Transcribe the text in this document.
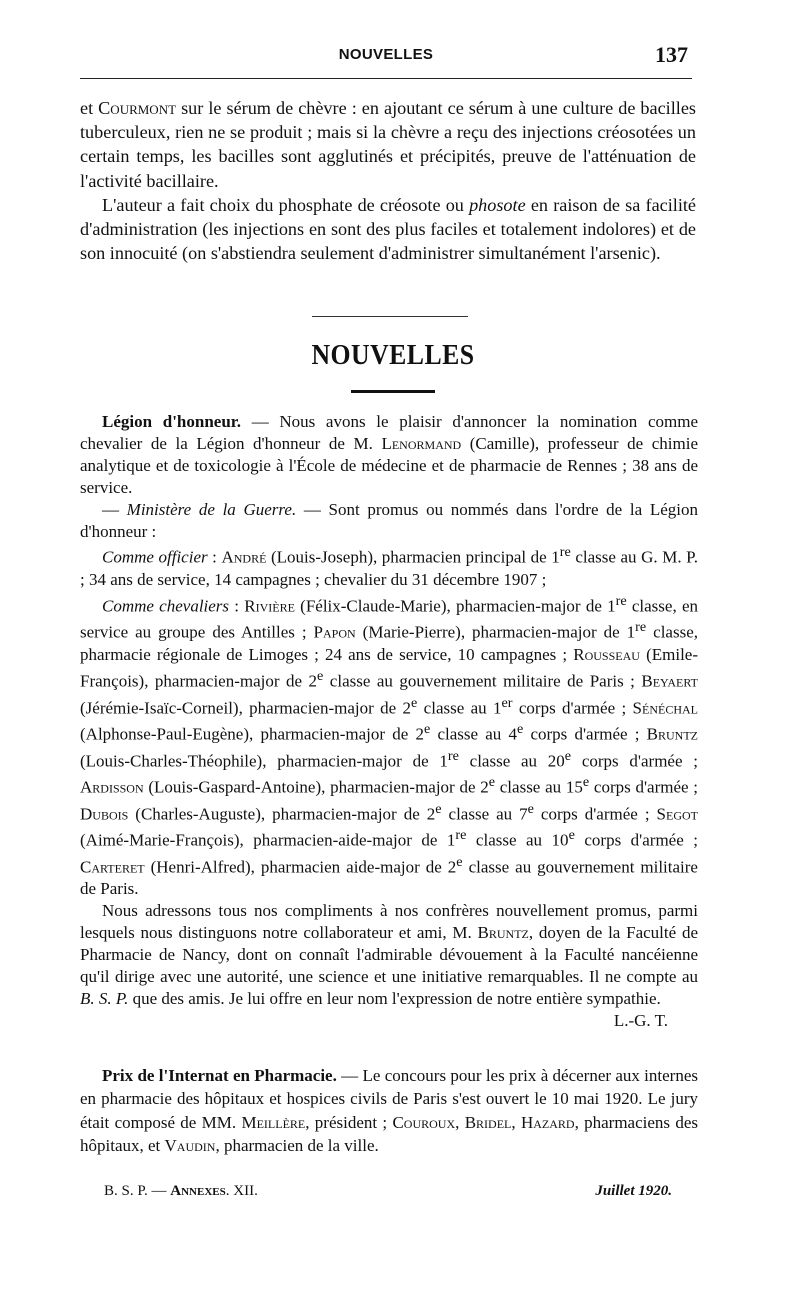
NOUVELLES	137

et Courmont sur le sérum de chèvre : en ajoutant ce sérum à une culture de bacilles tuberculeux, rien ne se produit ; mais si la chèvre a reçu des injections créosotées un certain temps, les bacilles sont agglutinés et précipités, preuve de l'atténuation de l'activité bacillaire.

L'auteur a fait choix du phosphate de créosote ou phosote en raison de sa facilité d'administration (les injections en sont des plus faciles et totalement indolores) et de son innocuité (on s'abstiendra seulement d'administrer simultanément l'arsenic).

NOUVELLES

Légion d'honneur. — Nous avons le plaisir d'annoncer la nomination comme chevalier de la Légion d'honneur de M. Lenormand (Camille), professeur de chimie analytique et de toxicologie à l'École de médecine et de pharmacie de Rennes ; 38 ans de service.

— Ministère de la Guerre. — Sont promus ou nommés dans l'ordre de la Légion d'honneur :

Comme officier : André (Louis-Joseph), pharmacien principal de 1re classe au G. M. P. ; 34 ans de service, 14 campagnes ; chevalier du 31 décembre 1907 ;

Comme chevaliers : Rivière (Félix-Claude-Marie), pharmacien-major de 1re classe, en service au groupe des Antilles ; Papon (Marie-Pierre), pharmacien-major de 1re classe, pharmacie régionale de Limoges ; 24 ans de service, 10 campagnes ; Rousseau (Emile-François), pharmacien-major de 2e classe au gouvernement militaire de Paris ; Beyaert (Jérémie-Isaïc-Corneil), pharmacien-major de 2e classe au 1er corps d'armée ; Sénéchal (Alphonse-Paul-Eugène), pharmacien-major de 2e classe au 4e corps d'armée ; Bruntz (Louis-Charles-Théophile), pharmacien-major de 1re classe au 20e corps d'armée ; Ardisson (Louis-Gaspard-Antoine), pharmacien-major de 2e classe au 15e corps d'armée ; Dubois (Charles-Auguste), pharmacien-major de 2e classe au 7e corps d'armée ; Segot (Aimé-Marie-François), pharmacien-aide-major de 1re classe au 10e corps d'armée ; Carteret (Henri-Alfred), pharmacien aide-major de 2e classe au gouvernement militaire de Paris.

Nous adressons tous nos compliments à nos confrères nouvellement promus, parmi lesquels nous distinguons notre collaborateur et ami, M. Bruntz, doyen de la Faculté de Pharmacie de Nancy, dont on connaît l'admirable dévouement à la Faculté nancéienne qu'il dirige avec une autorité, une science et une initiative remarquables. Il ne compte au B. S. P. que des amis. Je lui offre en leur nom l'expression de notre entière sympathie.

L.-G. T.

Prix de l'Internat en Pharmacie. — Le concours pour les prix à décerner aux internes en pharmacie des hôpitaux et hospices civils de Paris s'est ouvert le 10 mai 1920. Le jury était composé de MM. Meillère, président ; Couroux, Bridel, Hazard, pharmaciens des hôpitaux, et Vaudin, pharmacien de la ville.

B. S. P. — Annexes. XII.	Juillet 1920.
